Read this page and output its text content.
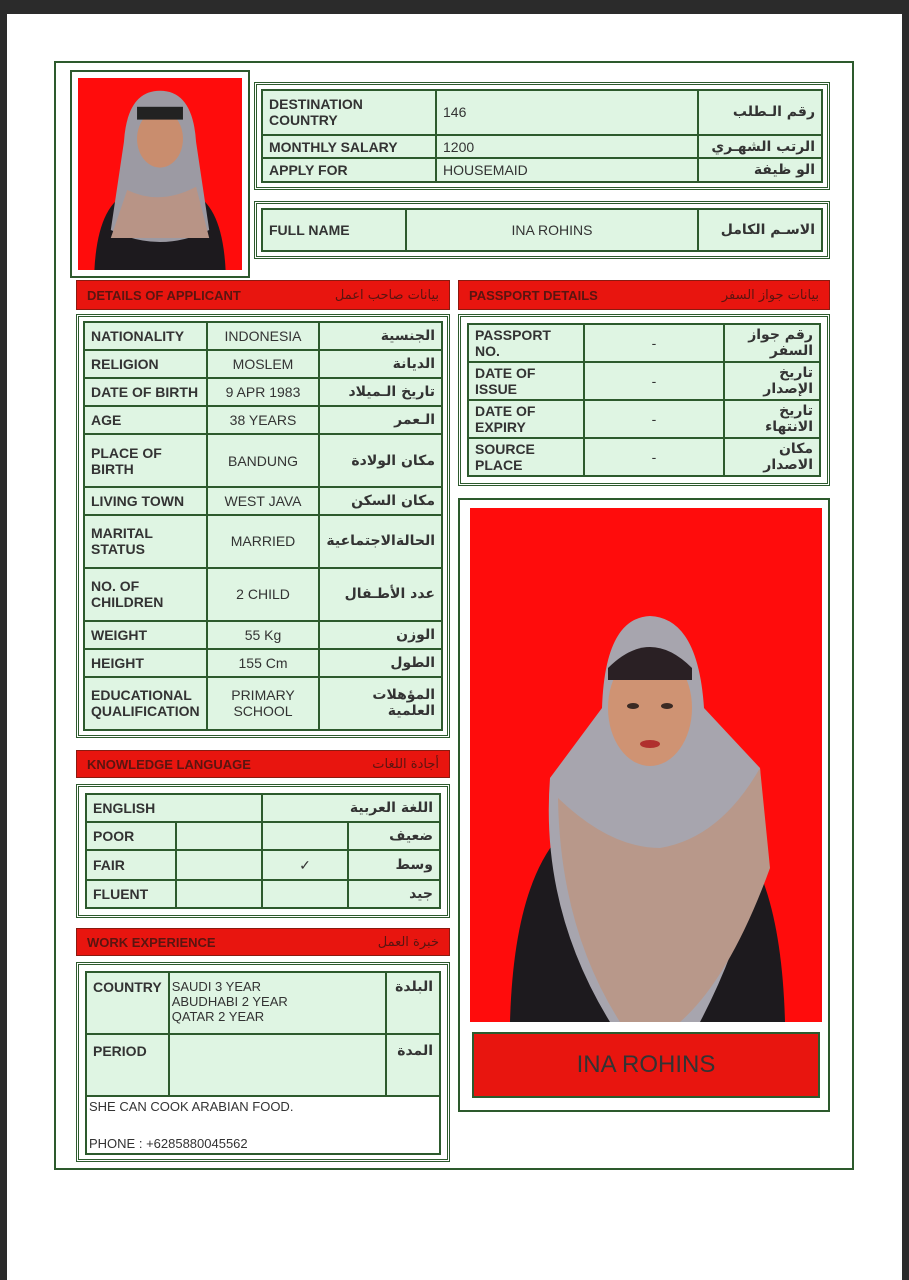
DESTINATION COUNTRY	146	رقم الـطلب
MONTHLY SALARY	1200	الرتب الشهـري
APPLY FOR	HOUSEMAID	الو ظيفة
FULL NAME	INA ROHINS	الاسـم الكامل
DETAILS OF APPLICANT	بيانات صاحب اعمل PASSPORT DETAILS	بيانات جواز السفر
NATIONALITY	INDONESIA	الجنسية
RELIGION	MOSLEM	الديانة
DATE OF BIRTH	9 APR 1983	تاريخ الـميلاد
AGE	38 YEARS	الـعمر
PLACE OF BIRTH	BANDUNG	مكان الولادة
LIVING TOWN	WEST JAVA	مكان السكن
MARITAL STATUS	MARRIED	الحالةالاجتماعية
NO. OF CHILDREN	2 CHILD	عدد الأطـفال
WEIGHT	55 Kg	الوزن
HEIGHT	155 Cm	الطول
EDUCATIONAL QUALIFICATION	PRIMARY SCHOOL	المؤهلات العلمية
PASSPORT NO.	-	رقم جواز السفر
DATE OF ISSUE	-	تاريخ الإصدار
DATE OF EXPIRY	-	تاريخ الانتهاء
SOURCE PLACE	-	مكان الاصدار
INA ROHINS
KNOWLEDGE LANGUAGE	أجادة اللغات
ENGLISH		اللغة العربية	
POOR			ضعيف
FAIR		✓	وسط
FLUENT			جيد
WORK EXPERIENCE	خبرة العمل
COUNTRY	SAUDI 3 YEAR
ABUDHABI 2 YEAR
QATAR 2 YEAR	البلدة
PERIOD		المدة

SHE CAN COOK ARABIAN FOOD.
PHONE : +6285880045562		
